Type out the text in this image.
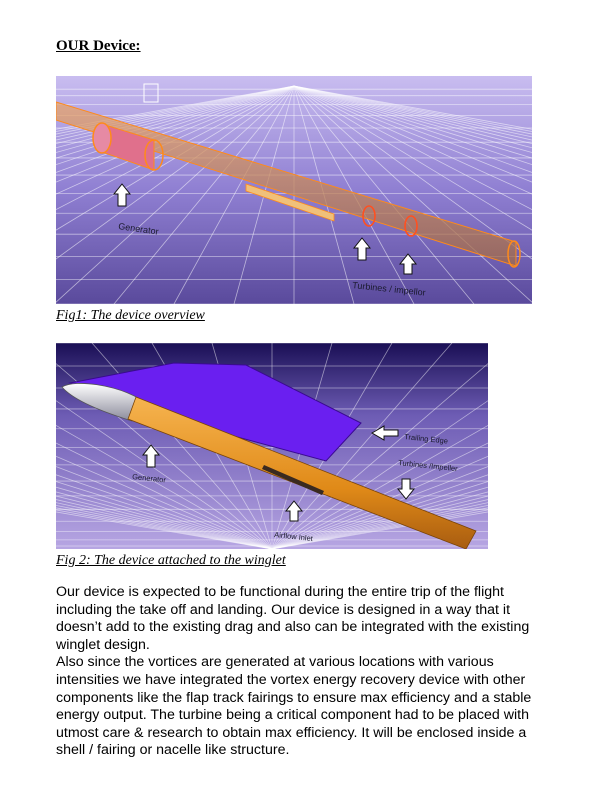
OUR Device:
Generator
Turbines / impellor
Fig1: The device overview
Trailing Edge
Turbines /Impeller
Generator
Airflow Inlet
Fig 2: The device attached to the winglet

Our device is expected to be functional during the entire trip of the flight including the take off and landing. Our device is designed in a way that it doesn’t add to the existing drag and also can be integrated with the existing winglet design.

Also since the vortices are generated at various locations with various intensities we have integrated the vortex energy recovery device with other components like the flap track fairings to ensure max efficiency and a stable energy output. The turbine being a critical component had to be placed with utmost care & research to obtain max efficiency. It will be enclosed inside a shell / fairing or nacelle like structure.
